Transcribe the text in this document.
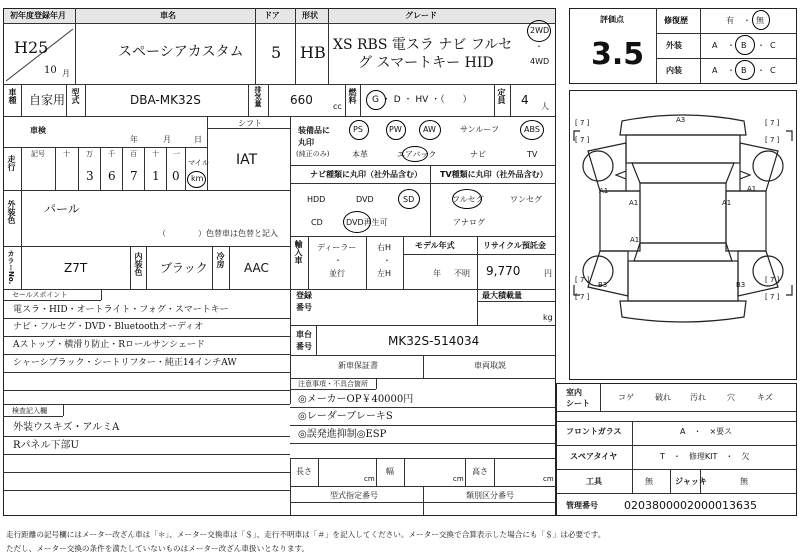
初年度登録年月	車名	ドア	形状	グレード
H25
10 月
スペーシアカスタム 5 HB XS RBS 電スラ ナビ フルセ
グ スマートキー HID
2WD
・
4WD
車種 自家用 型式	DBA-MK32S	排気量 660	cc
燃料 G ・ D ・ HV ・（　　）	定員 4 人
車検
年	月	日
シフト
IAT
走行
記号	十 万 千 百 十 一
3 6 7 1 0
マイル
km
外装色 パール
（　　　　）色替車は色替と記入
カラーNo.	Z7T	内装色 ブラック 冷房 AAC
装備品に
丸印
(純正のみ)
PS	PW	AW	サンルーフ	ABS
本革	エアバック	ナビ	TV
ナビ種類に丸印（社外品含む） TV種類に丸印（社外品含む）
HDD	DVD	SD
CD	DVD再生可
フルセグ	ワンセグ
アナログ
輸入車 ディーラー
・
並行
右H
・
左H
モデル年式
年 不明
リサイクル預託金
9,770	円
セールスポイント
電スラ・HID・オートライト・フォグ・スマートキー
ナビ・フルセグ・DVD・Bluetoothオーディオ
Aストップ・横滑り防止・Rロールサンシェード
シャーシブラック・シートリフター・純正14インチAW
登録
番号
最大積載量
kg
車台
番号	MK32S-514034
新車保証書	車両取説
注意事項・不具合箇所
◎メーカーOP￥40000円
◎レーダーブレーキS
◎誤発進抑制◎ESP
検査記入欄
外装ウスキズ・アルミA
Rパネル下部U
長さ
cm
幅
cm
高さ
cm
型式指定番号	類別区分番号
評価点
3.5
修復歴	有 ・ 無
外装	A ・ B ・ C
内装	A ・ B ・ C
A3
A1
A1
A1
A1
A1
B3	B3
[ 7 ]
[ 7 ]
[ 7 ]
[ 7 ]
[ 7 ]
[ 7 ]
[ 7 ]
[ 7 ]
室内
シート
コゲ	破れ 汚れ	穴	キズ
フロントガラス	A　・　×要ス
スペアタイヤ	T　・　修理KIT　・　欠
工具	無	ジャッキ	無
管理番号 0203800002000013635
走行距離の記号欄にはメーター改ざん車は「＊」、メーター交換車は「＄」、走行不明車は「＃」を記入してください。メーター交換で合算表示した場合にも「＄」は必要です。
ただし、メーター交換の条件を満たしていないものはメーター改ざん車扱いとなります。
